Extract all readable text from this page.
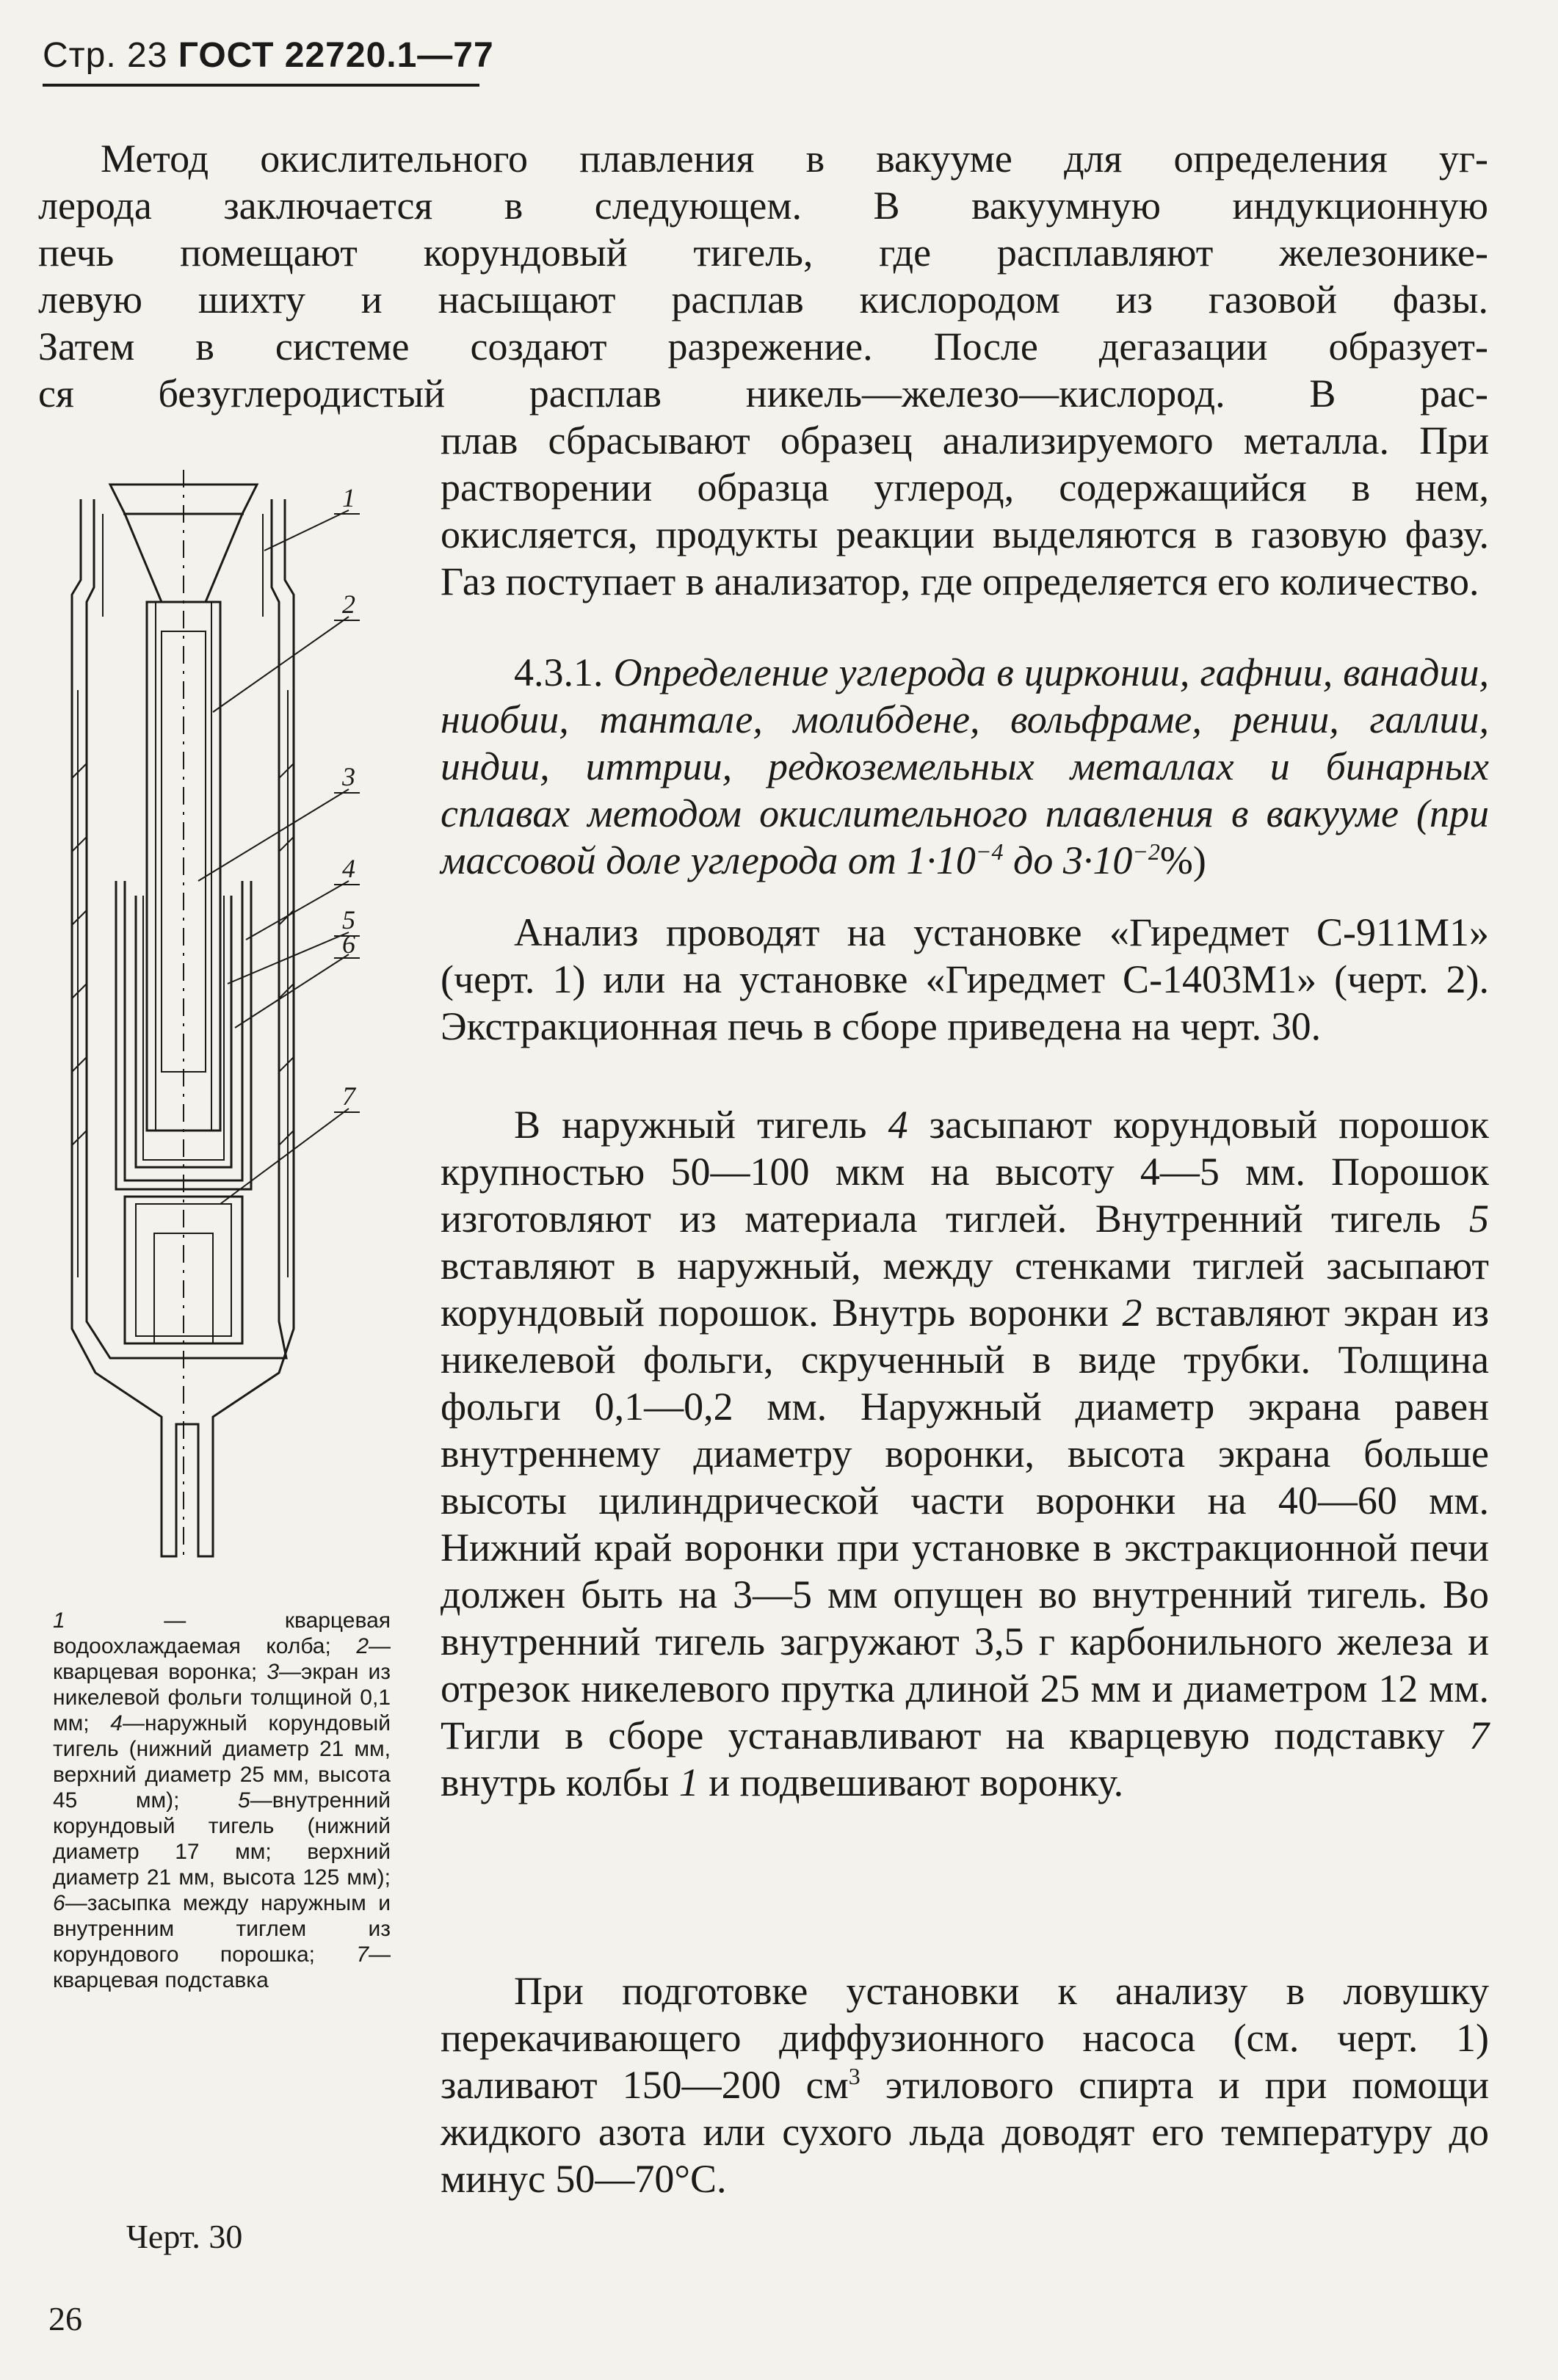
Стр. 23 ГОСТ 22720.1—77
Метод окислительного плавления в вакууме для определения уг-
лерода заключается в следующем. В вакуумную индукционную
печь помещают корундовый тигель, где расплавляют железонике-
левую шихту и насыщают расплав кислородом из газовой фазы.
Затем в системе создают разрежение. После дегазации образует-
ся безуглеродистый расплав никель—железо—кислород. В рас-

плав сбрасывают образец анализируемого металла. При растворении образца углерод, содержащийся в нем, окисляется, продукты реакции выделяются в газовую фазу. Газ поступает в анализатор, где определяется его количество.

4.3.1. Определение углерода в цирконии, гафнии, ванадии, ниобии, тантале, молибдене, вольфраме, рении, галлии, индии, иттрии, редкоземельных металлах и бинарных сплавах методом окислительного плавления в вакууме (при массовой доле углерода от $1\cdot 10^{-4}$ до $3\cdot 10^{-2}\%$)

Анализ проводят на установке «Гиредмет С-911М1» (черт. 1) или на установке «Гиредмет С-1403М1» (черт. 2). Экстракционная печь в сборе приведена на черт. 30.

В наружный тигель 4 засыпают корундовый порошок крупностью 50—100 мкм на высоту 4—5 мм. Порошок изготовляют из материала тиглей. Внутренний тигель 5 вставляют в наружный, между стенками тиглей засыпают корундовый порошок. Внутрь воронки 2 вставляют экран из никелевой фольги, скрученный в виде трубки. Толщина фольги 0,1—0,2 мм. Наружный диаметр экрана равен внутреннему диаметру воронки, высота экрана больше высоты цилиндрической части воронки на 40—60 мм. Нижний край воронки при установке в экстракционной печи должен быть на 3—5 мм опущен во внутренний тигель. Во внутренний тигель загружают 3,5 г карбонильного железа и отрезок никелевого прутка длиной 25 мм и диаметром 12 мм. Тигли в сборе устанавливают на кварцевую подставку 7 внутрь колбы 1 и подвешивают воронку.

При подготовке установки к анализу в ловушку перекачивающего диффузионного насоса (см. черт. 1) заливают 150—200 $см^3$ этилового спирта и при помощи жидкого азота или сухого льда доводят его температуру до минус 50—70°С.

1
2
3
4
5
6
7
1 — кварцевая водоохлаждаемая колба; 2—кварцевая воронка; 3—экран из никелевой фольги толщиной 0,1 мм; 4—наружный корундовый тигель (нижний диаметр 21 мм, верхний диаметр 25 мм, высота 45 мм); 5—внутренний корундовый тигель (нижний диаметр 17 мм; верхний диаметр 21 мм, высота 125 мм); 6—засыпка между наружным и внутренним тиглем из корундового порошка; 7—кварцевая подставка
Черт. 30
26
